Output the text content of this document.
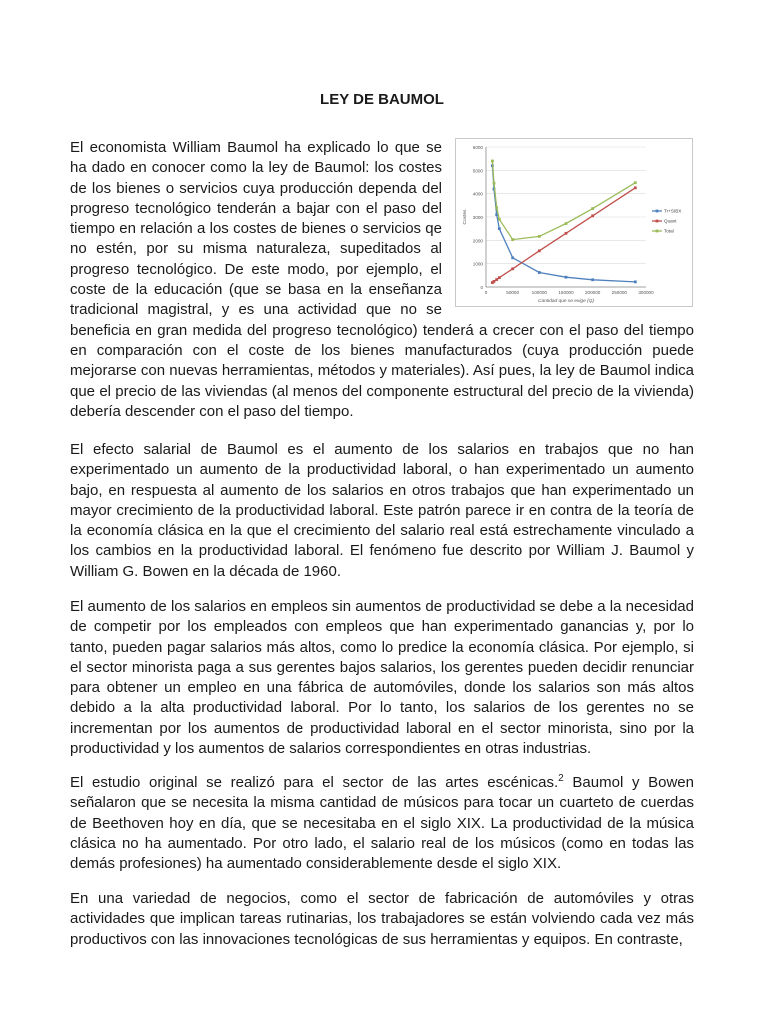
LEY DE BAUMOL

El economista William Baumol ha explicado lo que se ha dado en conocer como la ley de Baumol: los costes de los bienes o servicios cuya producción dependa del progreso tecnológico tenderán a bajar con el paso del tiempo en relación a los costes de bienes o servicios qe no estén, por su misma naturaleza, supeditados al progreso tecnológico. De este modo, por ejemplo, el coste de la educación (que se basa en la enseñanza tradicional magistral, y es una actividad que no se beneficia en gran medida del progreso tecnológico) tenderá a crecer con el paso del tiempo en comparación con el coste de los bienes manufacturados (cuya producción puede mejorarse con nuevas herramientas, métodos y materiales). Así pues, la ley de Baumol indica que el precio de las viviendas (al menos del componente estructural del precio de la vivienda) debería descender con el paso del tiempo.

El efecto salarial de Baumol es el aumento de los salarios en trabajos que no han experimentado un aumento de la productividad laboral, o han experimentado un aumento bajo, en respuesta al aumento de los salarios en otros trabajos que han experimentado un mayor crecimiento de la productividad laboral. Este patrón parece ir en contra de la teoría de la economía clásica en la que el crecimiento del salario real está estrechamente vinculado a los cambios en la productividad laboral. El fenómeno fue descrito por William J. Baumol y William G. Bowen en la década de 1960.

El aumento de los salarios en empleos sin aumentos de productividad se debe a la necesidad de competir por los empleados con empleos que han experimentado ganancias y, por lo tanto, pueden pagar salarios más altos, como lo predice la economía clásica. Por ejemplo, si el sector minorista paga a sus gerentes bajos salarios, los gerentes pueden decidir renunciar para obtener un empleo en una fábrica de automóviles, donde los salarios son más altos debido a la alta productividad laboral. Por lo tanto, los salarios de los gerentes no se incrementan por los aumentos de productividad laboral en el sector minorista, sino por la productividad y los aumentos de salarios correspondientes en otras industrias.

El estudio original se realizó para el sector de las artes escénicas.$^2$ Baumol y Bowen señalaron que se necesita la misma cantidad de músicos para tocar un cuarteto de cuerdas de Beethoven hoy en día, que se necesitaba en el siglo XIX. La productividad de la música clásica no ha aumentado. Por otro lado, el salario real de los músicos (como en todas las demás profesiones) ha aumentado considerablemente desde el siglo XIX.

En una variedad de negocios, como el sector de fabricación de automóviles y otras actividades que implican tareas rutinarias, los trabajadores se están volviendo cada vez más productivos con las innovaciones tecnológicas de sus herramientas y equipos. En contraste,

0
1000
2000
3000
4000
5000
6000
0	50000	100000 150000 200000 250000 300000
Cantidad que se exige (Q)
Costes	Tr+SIBX
Quant
Total
